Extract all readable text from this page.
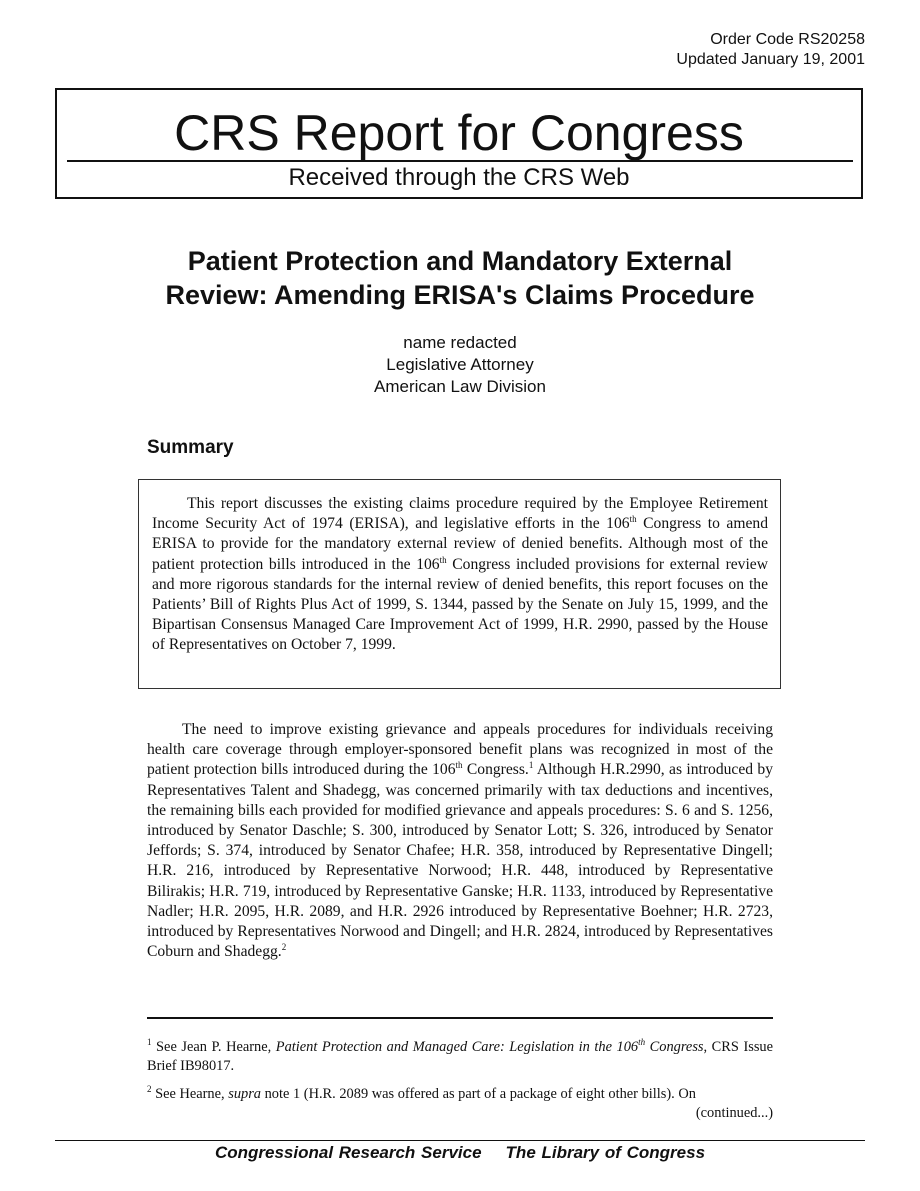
Order Code RS20258
Updated January 19, 2001
CRS Report for Congress
Received through the CRS Web
Patient Protection and Mandatory External
Review: Amending ERISA's Claims Procedure
name redacted
Legislative Attorney
American Law Division
Summary

This report discusses the existing claims procedure required by the Employee Retirement Income Security Act of 1974 (ERISA), and legislative efforts in the 106th Congress to amend ERISA to provide for the mandatory external review of denied benefits. Although most of the patient protection bills introduced in the 106th Congress included provisions for external review and more rigorous standards for the internal review of denied benefits, this report focuses on the Patients’ Bill of Rights Plus Act of 1999, S. 1344, passed by the Senate on July 15, 1999, and the Bipartisan Consensus Managed Care Improvement Act of 1999, H.R. 2990, passed by the House of Representatives on October 7, 1999.

The need to improve existing grievance and appeals procedures for individuals receiving health care coverage through employer-sponsored benefit plans was recognized in most of the patient protection bills introduced during the 106th Congress.$^1$ Although H.R.2990, as introduced by Representatives Talent and Shadegg, was concerned primarily with tax deductions and incentives, the remaining bills each provided for modified grievance and appeals procedures: S. 6 and S. 1256, introduced by Senator Daschle; S. 300, introduced by Senator Lott; S. 326, introduced by Senator Jeffords; S. 374, introduced by Senator Chafee; H.R. 358, introduced by Representative Dingell; H.R. 216, introduced by Representative Norwood; H.R. 448, introduced by Representative Bilirakis; H.R. 719, introduced by Representative Ganske; H.R. 1133, introduced by Representative Nadler; H.R. 2095, H.R. 2089, and H.R. 2926 introduced by Representative Boehner; H.R. 2723, introduced by Representatives Norwood and Dingell; and H.R. 2824, introduced by Representatives Coburn and Shadegg.$^2$

$^1$ See Jean P. Hearne, Patient Protection and Managed Care: Legislation in the 106th Congress, CRS Issue Brief IB98017.

$^2$ See Hearne, supra note 1 (H.R. 2089 was offered as part of a package of eight other bills). On

(continued...)
Congressional Research Service The Library of Congress
